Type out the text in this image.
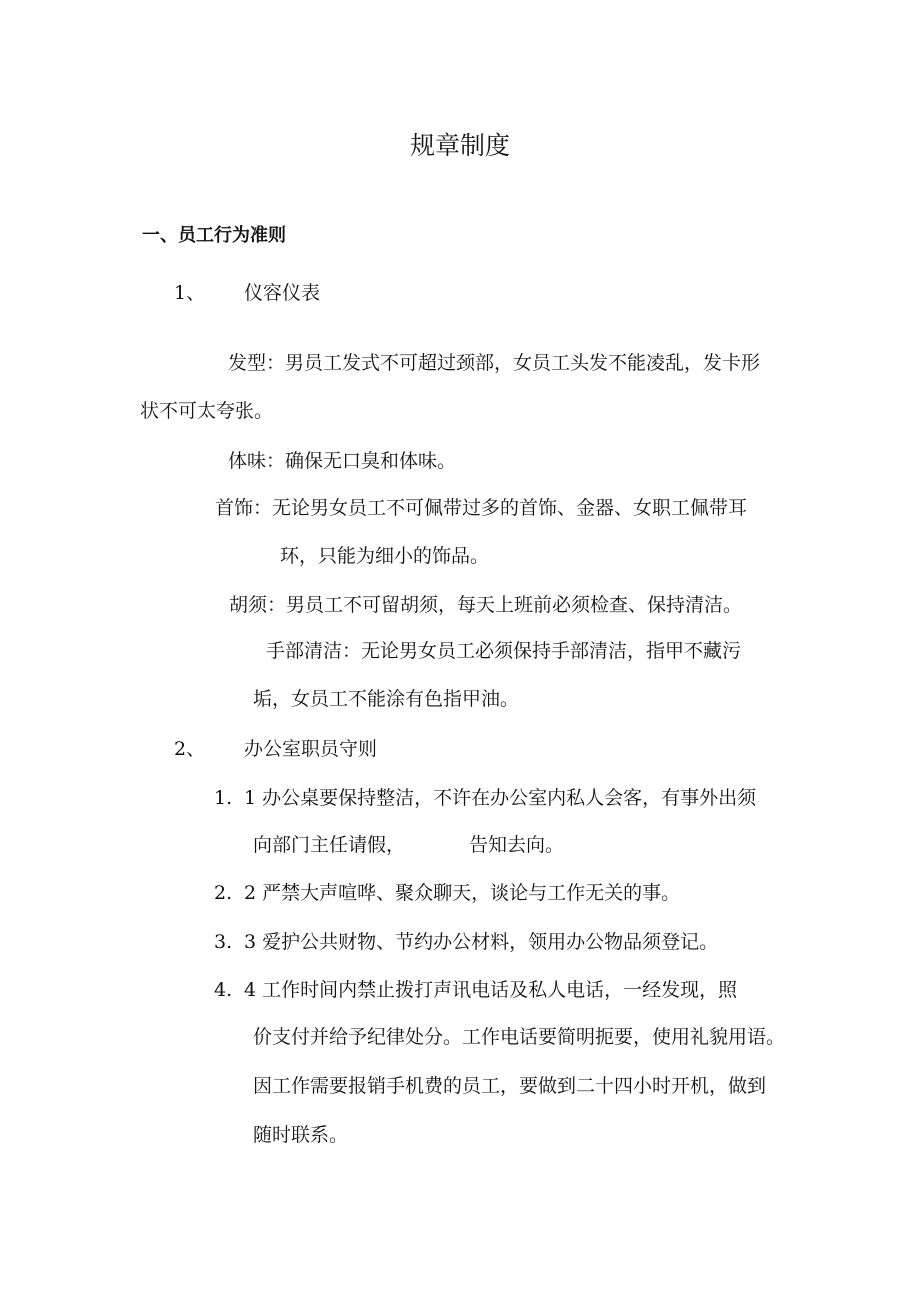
规章制度
一、员工行为准则
1、 仪容仪表
发型：男员工发式不可超过颈部，女员工头发不能凌乱，发卡形
状不可太夸张。
体味：确保无口臭和体味。
首饰：无论男女员工不可佩带过多的首饰、金器、女职工佩带耳
环，只能为细小的饰品。
胡须：男员工不可留胡须，每天上班前必须检查、保持清洁。
手部清洁：无论男女员工必须保持手部清洁，指甲不藏污
垢，女员工不能涂有色指甲油。
2、 办公室职员守则
1. 1 办公桌要保持整洁，不许在办公室内私人会客，有事外出须
向部门主任请假，	告知去向。
2. 2 严禁大声喧哗、聚众聊天，谈论与工作无关的事。
3. 3 爱护公共财物、节约办公材料，领用办公物品须登记。
4. 4 工作时间内禁止拨打声讯电话及私人电话，一经发现，照
价支付并给予纪律处分。工作电话要简明扼要，使用礼貌用语。
因工作需要报销手机费的员工，要做到二十四小时开机，做到
随时联系。
